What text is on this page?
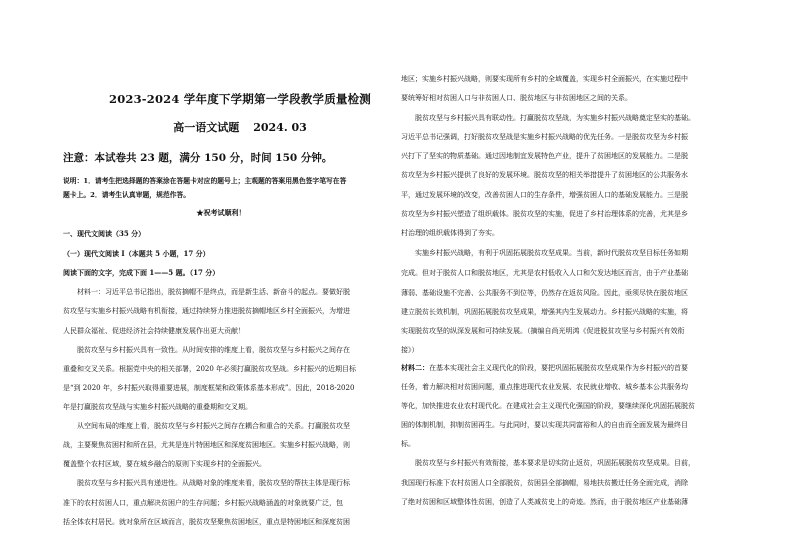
2023-2024 学年度下学期第一学段教学质量检测
高一语文试题 2024. 03
注意：本试卷共 23 题，满分 150 分，时间 150 分钟。
说明：1．请考生把选择题的答案涂在答题卡对应的题号上；主观题的答案用黑色签字笔写在答
题卡上。2．请考生认真审题，规范作答。
★祝考试顺利！
一、现代文阅读（35 分）
（一）现代文阅读 I（本题共 5 小题，17 分）
阅读下面的文字，完成下面 1——5 题。（17 分）
材料一：习近平总书记指出，脱贫摘帽不是终点，而是新生活、新奋斗的起点。要做好脱
贫攻坚与实施乡村振兴战略有机衔接，通过持续努力推进脱贫摘帽地区乡村全面振兴，为增进
人民群众福祉、促进经济社会持续健康发展作出更大贡献！
脱贫攻坚与乡村振兴具有一致性。从时间安排的维度上看，脱贫攻坚与乡村振兴之间存在
重叠和交叉关系。根据党中央的相关部署，2020 年必须打赢脱贫攻坚战。乡村振兴的近期目标
是“到 2020 年，乡村振兴取得重要进展，制度框架和政策体系基本形成”。因此，2018-2020
年是打赢脱贫攻坚战与实施乡村振兴战略的重叠期和交叉期。
从空间布局的维度上看，脱贫攻坚与乡村振兴之间存在耦合和重合的关系。打赢脱贫攻坚
战，主要聚焦贫困村和所在县，尤其是连片特困地区和深度贫困地区。实施乡村振兴战略，则
覆盖整个农村区域，要在城乡融合的原则下实现乡村的全面振兴。
脱贫攻坚与乡村振兴具有递进性。从战略对象的维度来看，脱贫攻坚的帮扶主体是现行标
准下的农村贫困人口，重点解决贫困户的生存问题；乡村振兴战略涵盖的对象就要广泛，包
括全体农村居民。就对象所在区域而言，脱贫攻坚聚焦贫困地区，重点是特困地区和深度贫困
地区；实施乡村振兴战略，则要实现所有乡村的全域覆盖，实现乡村全面振兴，在实施过程中
要统筹好相对贫困人口与非贫困人口、脱贫地区与非贫困地区之间的关系。
脱贫攻坚与乡村振兴具有联动性。打赢脱贫攻坚战，为实施乡村振兴战略奠定坚实的基础。
习近平总书记强调，打好脱贫攻坚战是实施乡村振兴战略的优先任务。一是脱贫攻坚为乡村振
兴打下了坚实的物质基础。通过因地制宜发展特色产业，提升了贫困地区的发展能力。二是脱
贫攻坚为乡村振兴提供了良好的发展环境。脱贫攻坚的相关举措提升了贫困地区的公共服务水
平，通过发展环境的改变，改善贫困人口的生存条件，增强贫困人口的基础发展能力。三是脱
贫攻坚为乡村振兴塑造了组织载体。脱贫攻坚的实施，促进了乡村治理体系的完善，尤其是乡
村治理的组织载体得到了夯实。
实施乡村振兴战略，有利于巩固拓展脱贫攻坚成果。当前，新时代脱贫攻坚目标任务如期
完成。但对于脱贫人口和脱贫地区，尤其是农村低收入人口和欠发达地区而言，由于产业基础
薄弱、基础设施不完善、公共服务不到位等，仍然存在返贫风险。因此，亟须尽快在脱贫地区
建立脱贫长效机制，巩固拓展脱贫攻坚成果，增强其内生发展动力。乡村振兴战略的实施，将
实现脱贫攻坚的纵深发展和可持续发展。（摘编自尚光明鸿《促进脱贫攻坚与乡村振兴有效衔
接》）
材料二：在基本实现社会主义现代化的阶段，要把巩固拓展脱贫攻坚成果作为乡村振兴的首要
任务，着力解决相对贫困问题，重点推进现代农业发展、农民就业增收、城乡基本公共服务均
等化，加快推进农业农村现代化。在建成社会主义现代化强国的阶段，要继续深化巩固拓展脱贫
困的体制机制，抑制贫困再生。与此同时，要以实现共同富裕和人的自由而全面发展为最终目
标。
脱贫攻坚与乡村振兴有效衔接，基本要求是切实防止返贫，巩固拓展脱贫攻坚成果。目前，
我国现行标准下农村贫困人口全部脱贫，贫困县全部摘帽，易地扶贫搬迁任务全面完成，消除
了绝对贫困和区域整体性贫困，创造了人类减贫史上的奇迹。然而，由于脱贫地区产业基础薄
